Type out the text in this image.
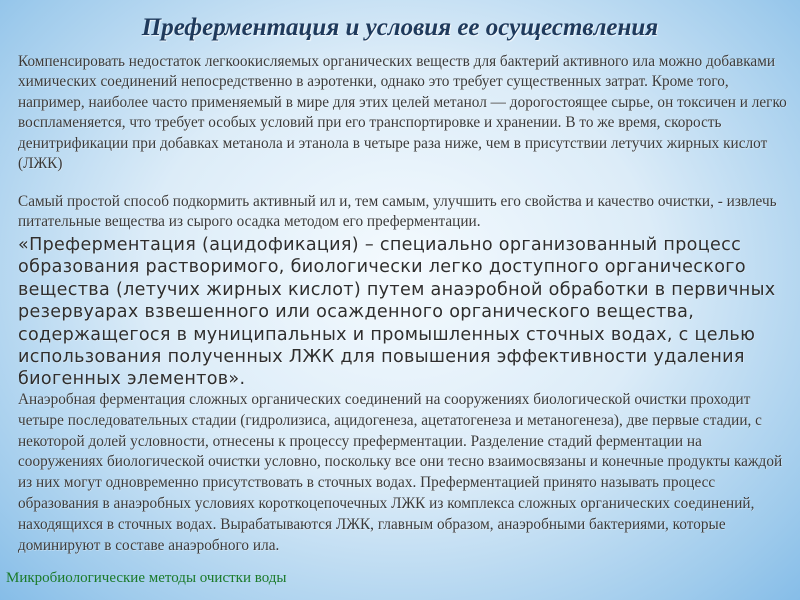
Преферментация и условия ее осуществления

Компенсировать недостаток легкоокисляемых органических веществ для бактерий активного ила можно добавками химических соединений непосредственно в аэротенки, однако это требует существенных затрат. Кроме того, например, наиболее часто применяемый в мире для этих целей метанол — дорогостоящее сырье, он токсичен и легко воспламеняется, что требует особых условий при его транспортировке и хранении. В то же время, скорость денитрификации при добавках метанола и этанола в четыре раза ниже, чем в присутствии летучих жирных кислот (ЛЖК)

Самый простой способ подкормить активный ил и, тем самым, улучшить его свойства и качество очистки, - извлечь питательные вещества из сырого осадка методом его преферментации.

«Преферментация (ацидофикация) – специально организованный процесс образования растворимого, биологически легко доступного органического вещества (летучих жирных кислот) путем анаэробной обработки в первичных резервуарах взвешенного или осажденного органического вещества, содержащегося в муниципальных и промышленных сточных водах, с целью использования полученных ЛЖК для повышения эффективности удаления биогенных элементов».

Анаэробная ферментация сложных органических соединений на сооружениях биологической очистки проходит четыре последовательных стадии (гидролизиса, ацидогенеза, ацетатогенеза и метаногенеза), две первые стадии, с некоторой долей условности, отнесены к процессу преферментации. Разделение стадий ферментации на сооружениях биологической очистки условно, поскольку все они тесно взаимосвязаны и конечные продукты каждой из них могут одновременно присутствовать в сточных водах. Преферментацией принято называть процесс образования в анаэробных условиях короткоцепочечных ЛЖК из комплекса сложных органических соединений, находящихся в сточных водах. Вырабатываются ЛЖК, главным образом, анаэробными бактериями, которые доминируют в составе анаэробного ила.

Микробиологические методы очистки воды
